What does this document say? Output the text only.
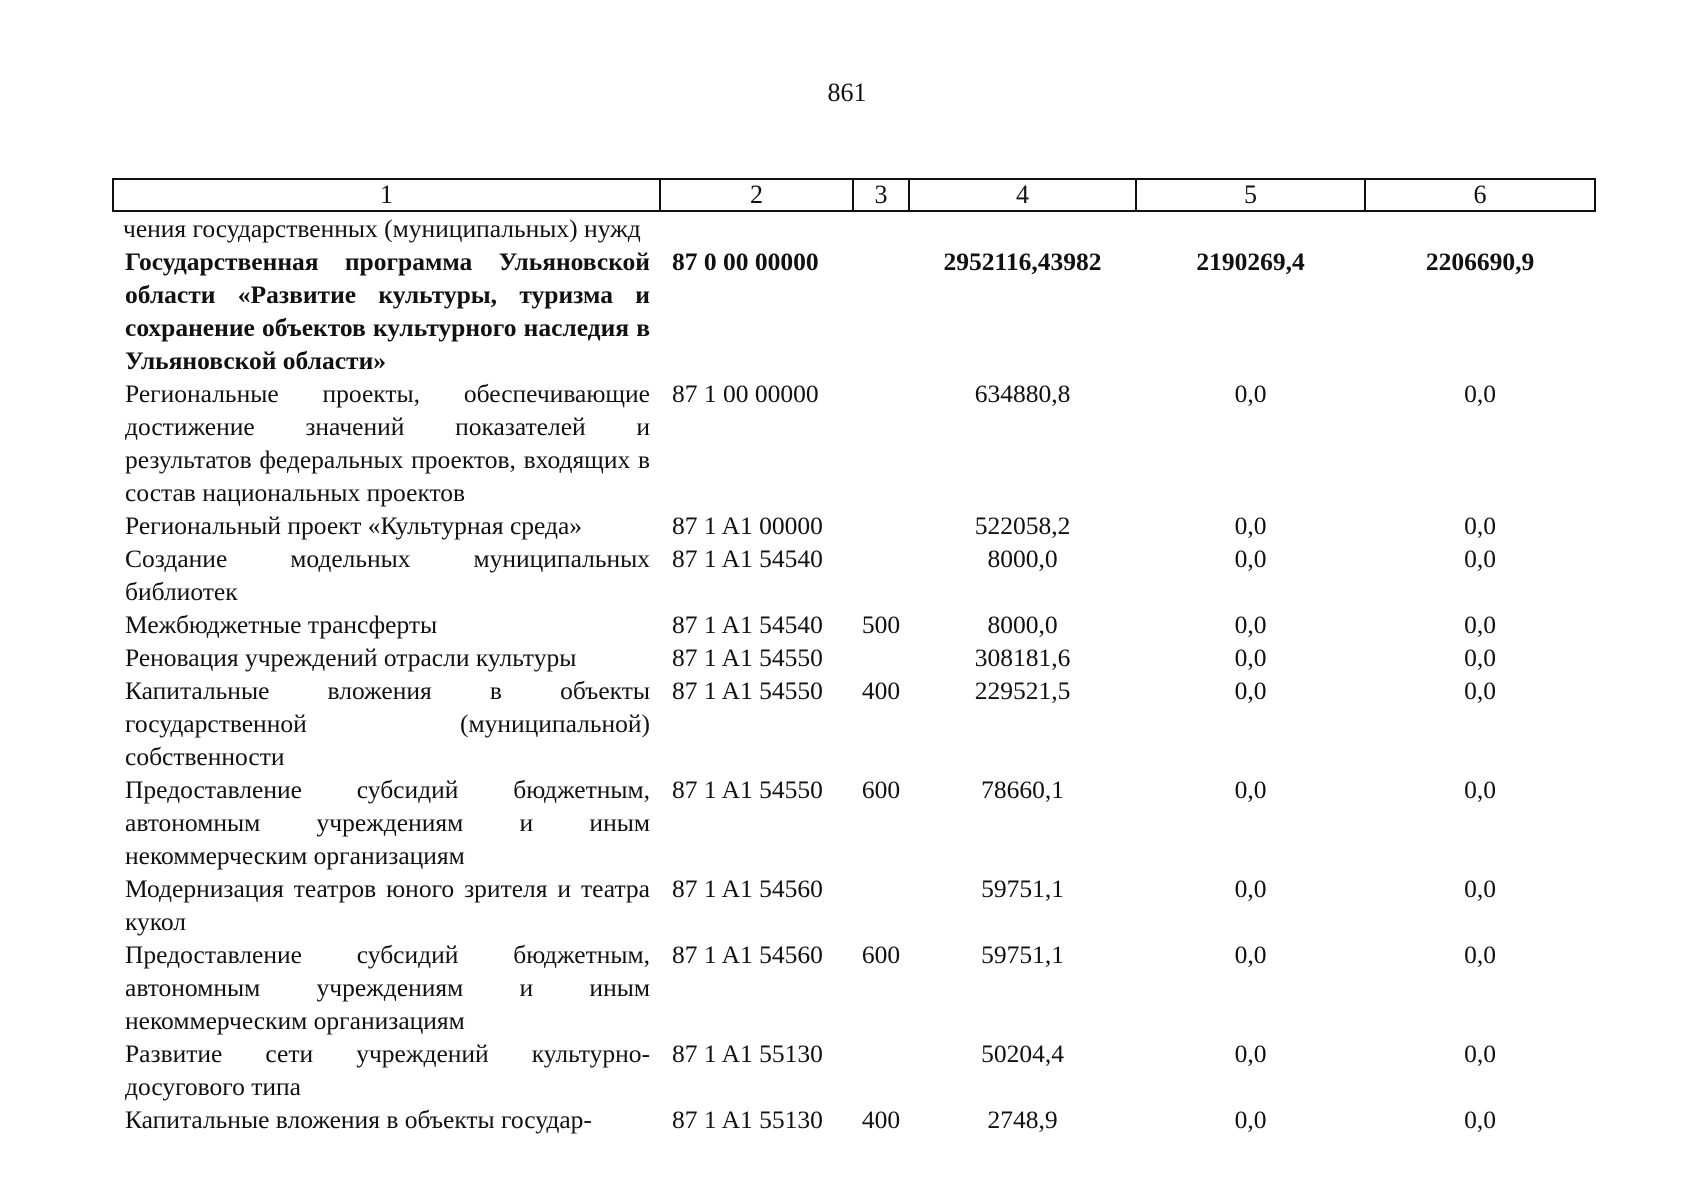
861
1	2	3	4	5	6
чения государственных (муниципальных) нужд					
Государственная программа Ульяновской области «Развитие культуры, туризма и сохранение объектов культурного наследия в Ульяновской области»	87 0 00 00000		2952116,43982	2190269,4	2206690,9
Региональные проекты, обеспечивающие достижение значений показателей и результатов федеральных проектов, входящих в состав национальных проектов	87 1 00 00000		634880,8	0,0	0,0
Региональный проект «Культурная среда»	87 1 A1 00000		522058,2	0,0	0,0
Создание модельных муниципальных библиотек	87 1 A1 54540		8000,0	0,0	0,0
Межбюджетные трансферты	87 1 A1 54540	500	8000,0	0,0	0,0
Реновация учреждений отрасли культуры	87 1 A1 54550		308181,6	0,0	0,0
Капитальные вложения в объекты государственной (муниципальной) собственности	87 1 A1 54550	400	229521,5	0,0	0,0
Предоставление субсидий бюджетным, автономным учреждениям и иным некоммерческим организациям	87 1 A1 54550	600	78660,1	0,0	0,0
Модернизация театров юного зрителя и театра кукол	87 1 A1 54560		59751,1	0,0	0,0
Предоставление субсидий бюджетным, автономным учреждениям и иным некоммерческим организациям	87 1 A1 54560	600	59751,1	0,0	0,0
Развитие сети учреждений культурно-досугового типа	87 1 A1 55130		50204,4	0,0	0,0
Капитальные вложения в объекты государ-	87 1 A1 55130	400	2748,9	0,0	0,0
